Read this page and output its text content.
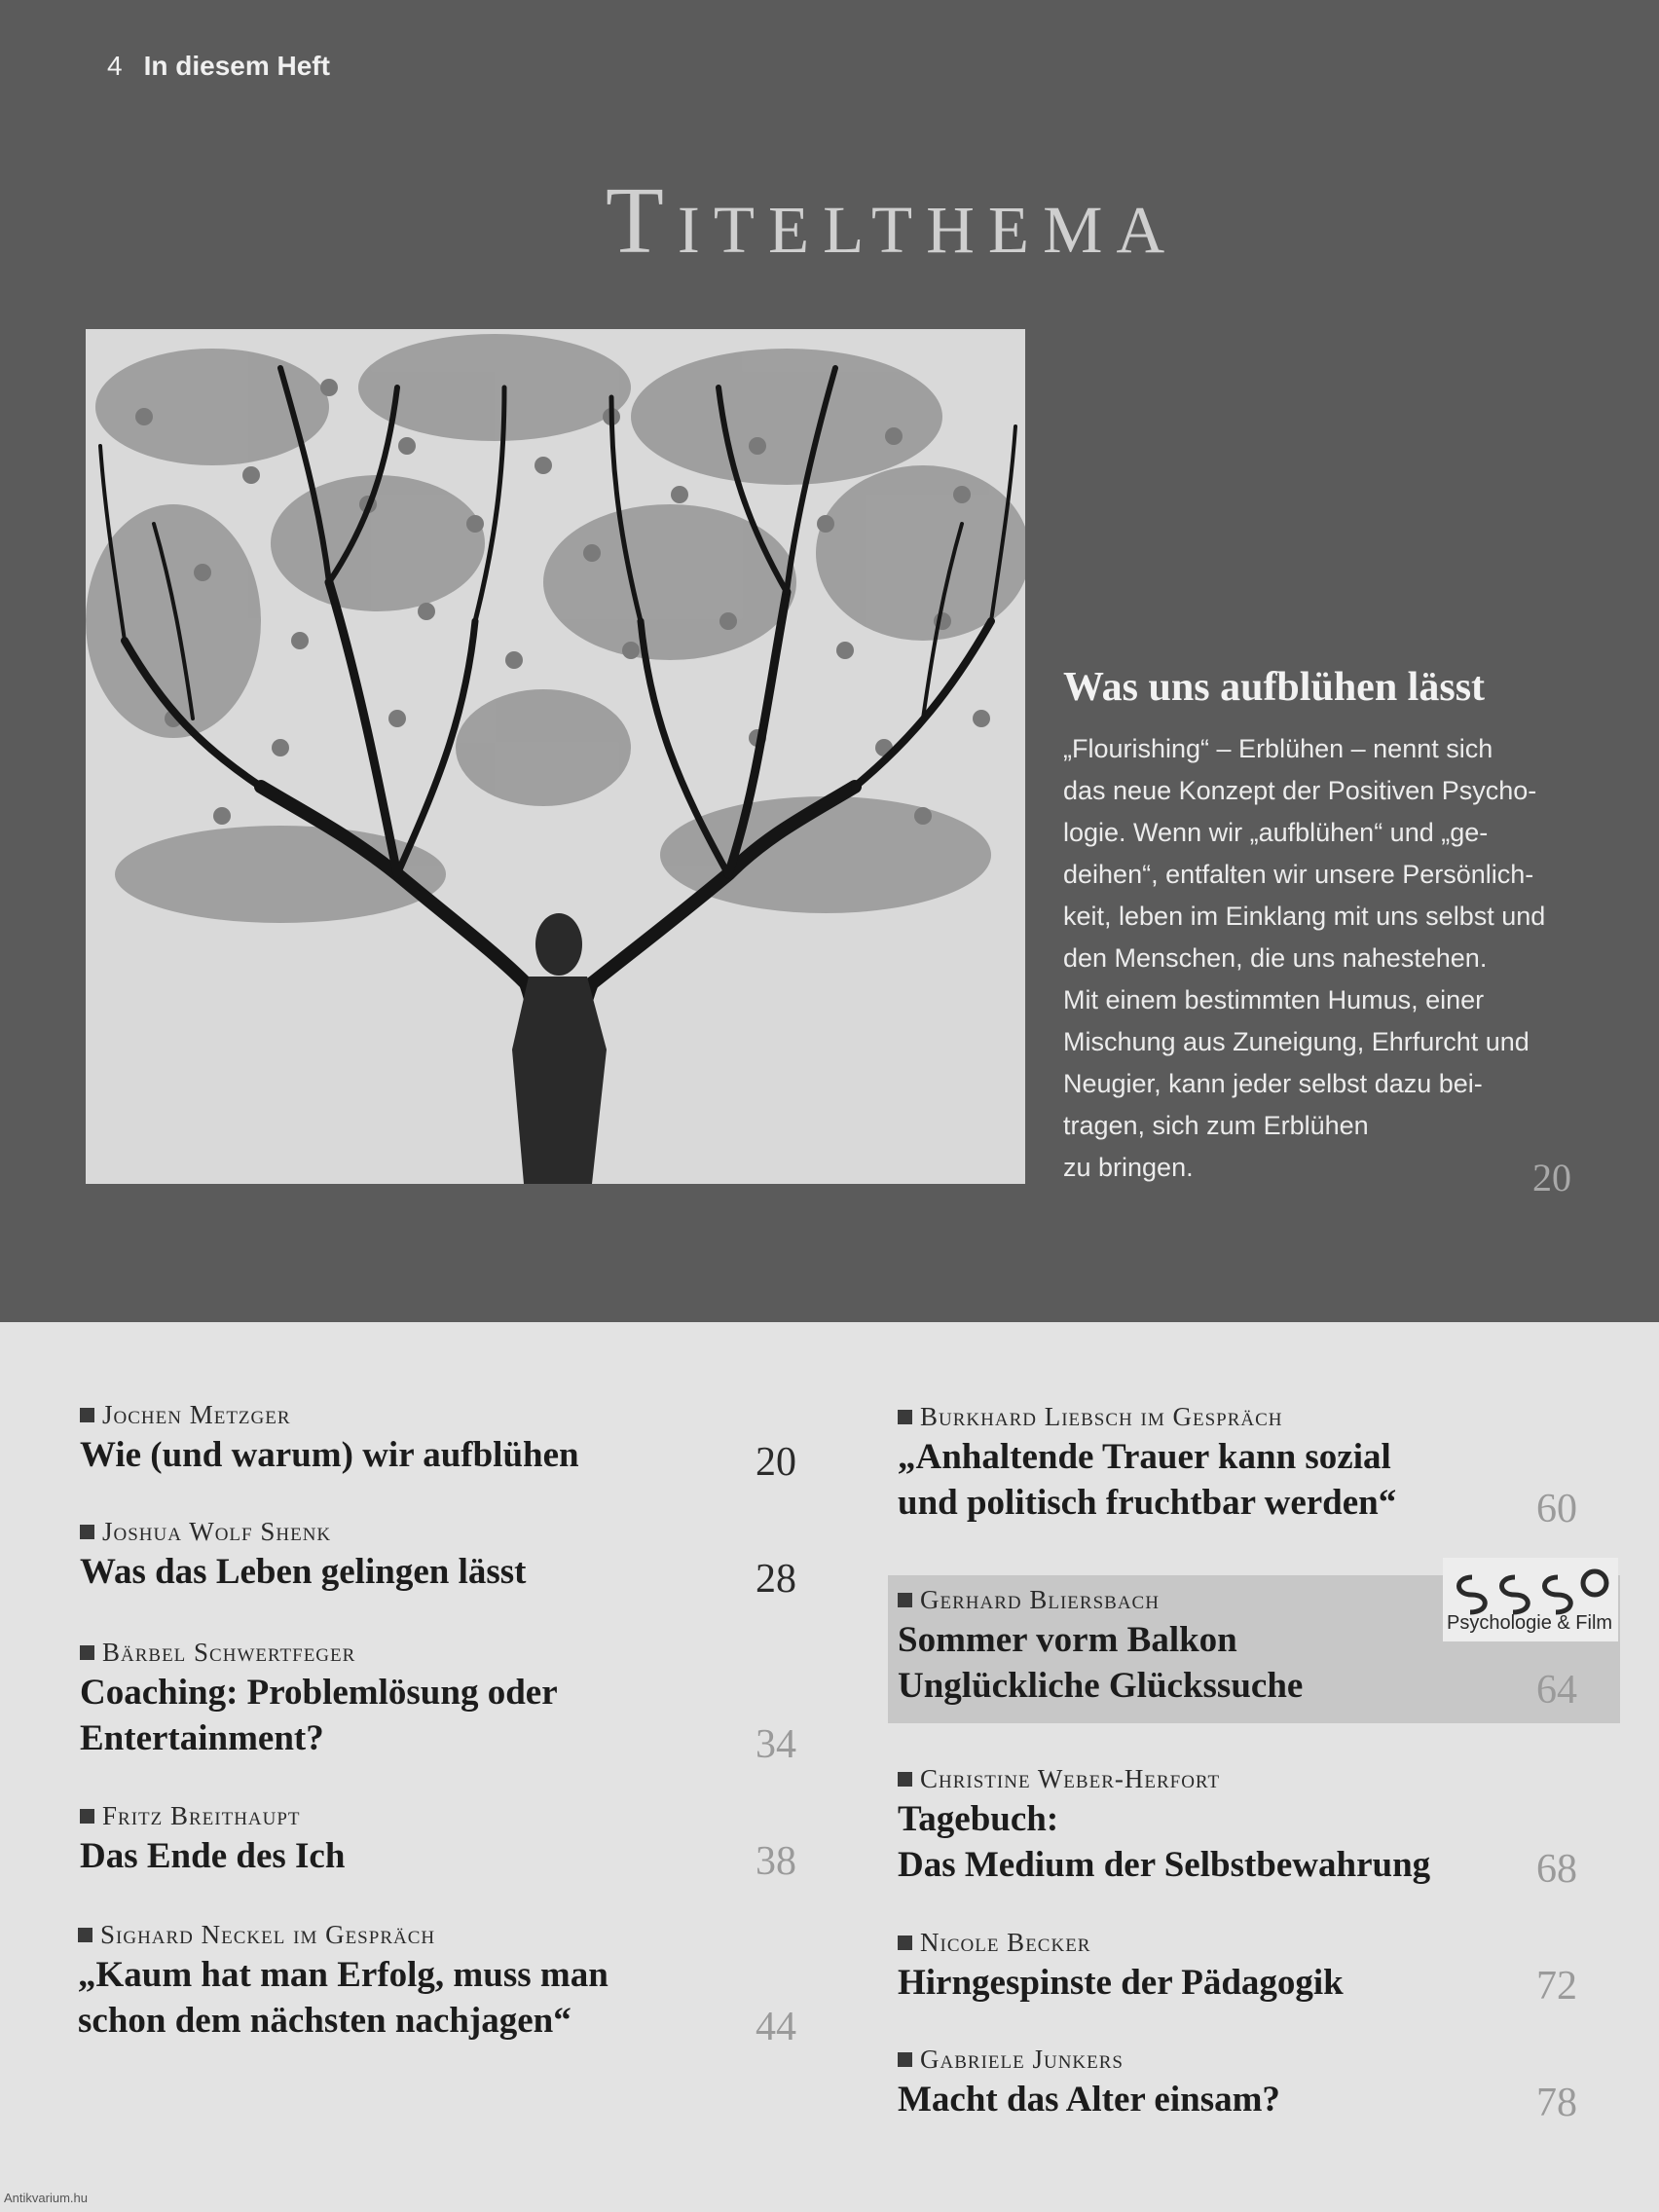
4 In diesem Heft
Titelthema
Was uns aufblühen lässt
„Flourishing“ – Erblühen – nennt sich
das neue Konzept der Positiven Psycho-
logie. Wenn wir „aufblühen“ und „ge-
deihen“, entfalten wir unsere Persönlich-
keit, leben im Einklang mit uns selbst und
den Menschen, die uns nahestehen.
Mit einem bestimmten Humus, einer
Mischung aus Zuneigung, Ehrfurcht und
Neugier, kann jeder selbst dazu bei-
tragen, sich zum Erblühen
zu bringen.	20
Psychologie & Film
Jochen Metzger
Wie (und warum) wir aufblühen	20
Joshua Wolf Shenk
Was das Leben gelingen lässt	28
Bärbel Schwertfeger
Coaching: Problemlösung oder
Entertainment?	34
Fritz Breithaupt
Das Ende des Ich	38
Sighard Neckel im Gespräch
„Kaum hat man Erfolg, muss man
schon dem nächsten nachjagen“	44
Burkhard Liebsch im Gespräch
„Anhaltende Trauer kann sozial
und politisch fruchtbar werden“	60
Gerhard Bliersbach
Sommer vorm Balkon
Unglückliche Glückssuche	64
Christine Weber-Herfort
Tagebuch:
Das Medium der Selbstbewahrung	68
Nicole Becker
Hirngespinste der Pädagogik	72
Gabriele Junkers
Macht das Alter einsam?	78
Antikvarium.hu
